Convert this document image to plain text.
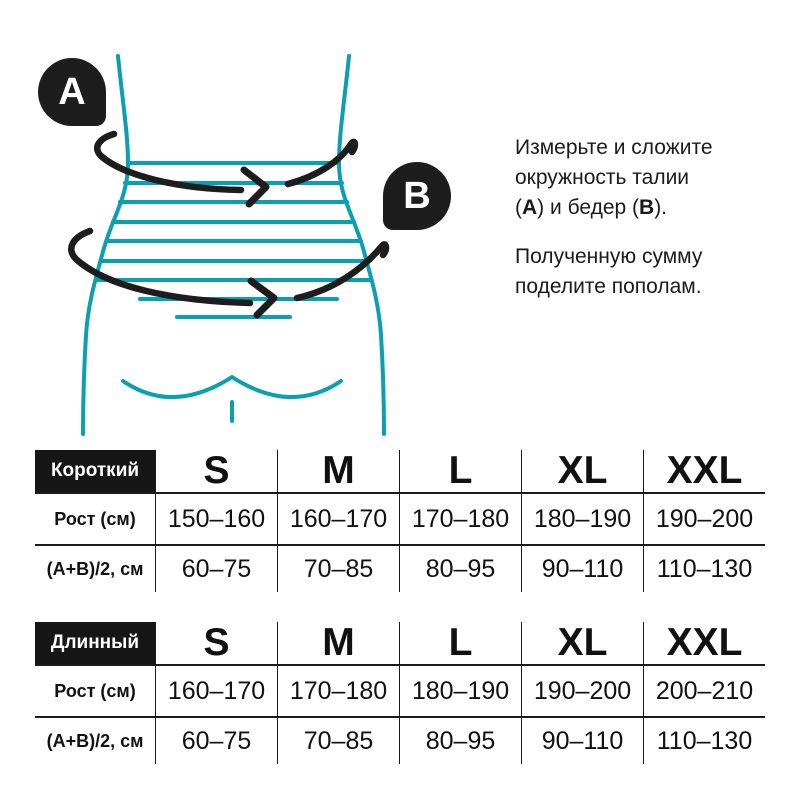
A
B

Измерьте и сложите
окружность талии
(А) и бедер (В).

Полученную сумму
поделите пополам.

Короткий	S	M	L	XL	XXL
Рост (см)	150–160 160–170 170–180 180–190 190–200
(А+В)/2, см	60–75	70–85	80–95	90–110	110–130
Длинный	S	M	L	XL	XXL
Рост (см)	160–170 170–180 180–190 190–200 200–210
(А+В)/2, см	60–75	70–85	80–95	90–110	110–130
